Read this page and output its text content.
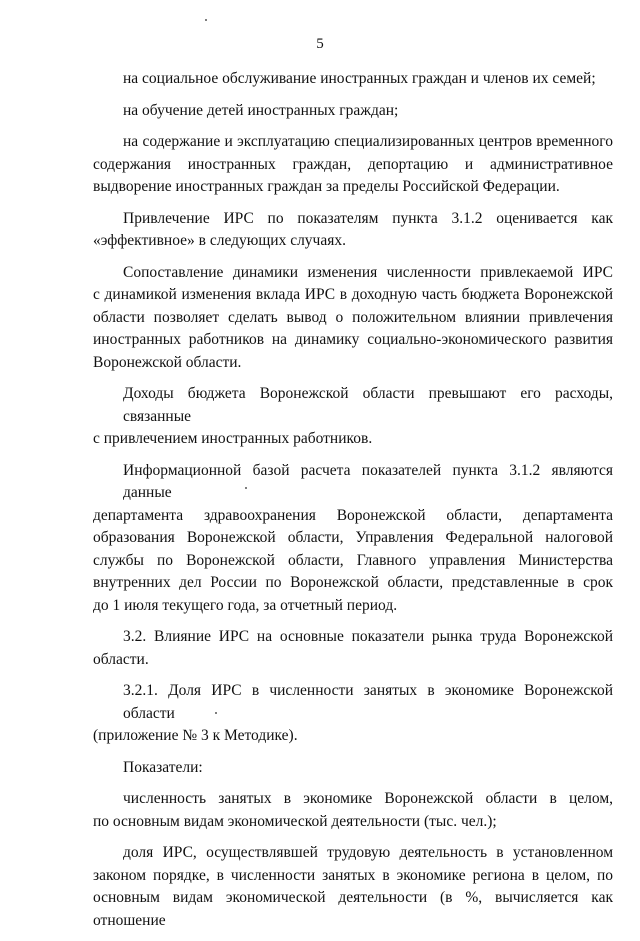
5

на социальное обслуживание иностранных граждан и членов их семей;

на обучение детей иностранных граждан;

на содержание и эксплуатацию специализированных центров временного
содержания иностранных граждан, депортацию и административное
выдворение иностранных граждан за пределы Российской Федерации.

Привлечение ИРС по показателям пункта 3.1.2 оценивается как
«эффективное» в следующих случаях.

Сопоставление динамики изменения численности привлекаемой ИРС
с динамикой изменения вклада ИРС в доходную часть бюджета Воронежской
области позволяет сделать вывод о положительном влиянии привлечения
иностранных работников на динамику социально-экономического развития
Воронежской области.

Доходы бюджета Воронежской области превышают его расходы, связанные
с привлечением иностранных работников.

Информационной базой расчета показателей пункта 3.1.2 являются данные
департамента здравоохранения Воронежской области, департамента
образования Воронежской области, Управления Федеральной налоговой
службы по Воронежской области, Главного управления Министерства
внутренних дел России по Воронежской области, представленные в срок
до 1 июля текущего года, за отчетный период.

3.2. Влияние ИРС на основные показатели рынка труда Воронежской
области.

3.2.1. Доля ИРС в численности занятых в экономике Воронежской области
(приложение № 3 к Методике).

Показатели:

численность занятых в экономике Воронежской области в целом,
по основным видам экономической деятельности (тыс. чел.);

доля ИРС, осуществлявшей трудовую деятельность в установленном
законом порядке, в численности занятых в экономике региона в целом, по
основным видам экономической деятельности (в %, вычисляется как отношение
